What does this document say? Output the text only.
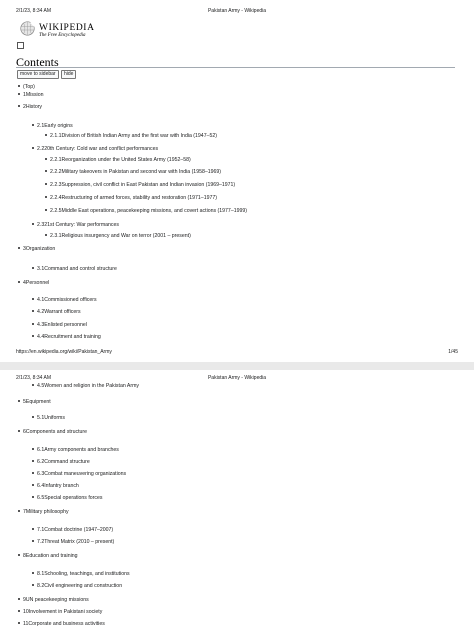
2/1/23, 8:34 AM	Pakistan Army - Wikipedia
WIKIPEDIA
The Free Encyclopedia
Contents
move to sidebar	hide
(Top)
1Mission
2History
2.1Early origins
2.1.1Division of British Indian Army and the first war with India (1947–52)
2.220th Century: Cold war and conflict performances
2.2.1Reorganization under the United States Army (1952–58)
2.2.2Military takeovers in Pakistan and second war with India (1958–1969)
2.2.3Suppression, civil conflict in East Pakistan and Indian invasion (1969–1971)
2.2.4Restructuring of armed forces, stability and restoration (1971–1977)
2.2.5Middle East operations, peacekeeping missions, and covert actions (1977–1999)
2.321st Century: War performances
2.3.1Religious insurgency and War on terror (2001 – present)
3Organization
3.1Command and control structure
4Personnel
4.1Commissioned officers
4.2Warrant officers
4.3Enlisted personnel
4.4Recruitment and training
https://en.wikipedia.org/wiki/Pakistan_Army	1/45
2/1/23, 8:34 AM	Pakistan Army - Wikipedia
4.5Women and religion in the Pakistan Army
5Equipment
5.1Uniforms
6Components and structure
6.1Army components and branches
6.2Command structure
6.3Combat maneuvering organizations
6.4Infantry branch
6.5Special operations forces
7Military philosophy
7.1Combat doctrine (1947–2007)
7.2Threat Matrix (2010 – present)
8Education and training
8.1Schooling, teachings, and institutions
8.2Civil engineering and construction
9UN peacekeeping missions
10Involvement in Pakistani society
11Corporate and business activities
